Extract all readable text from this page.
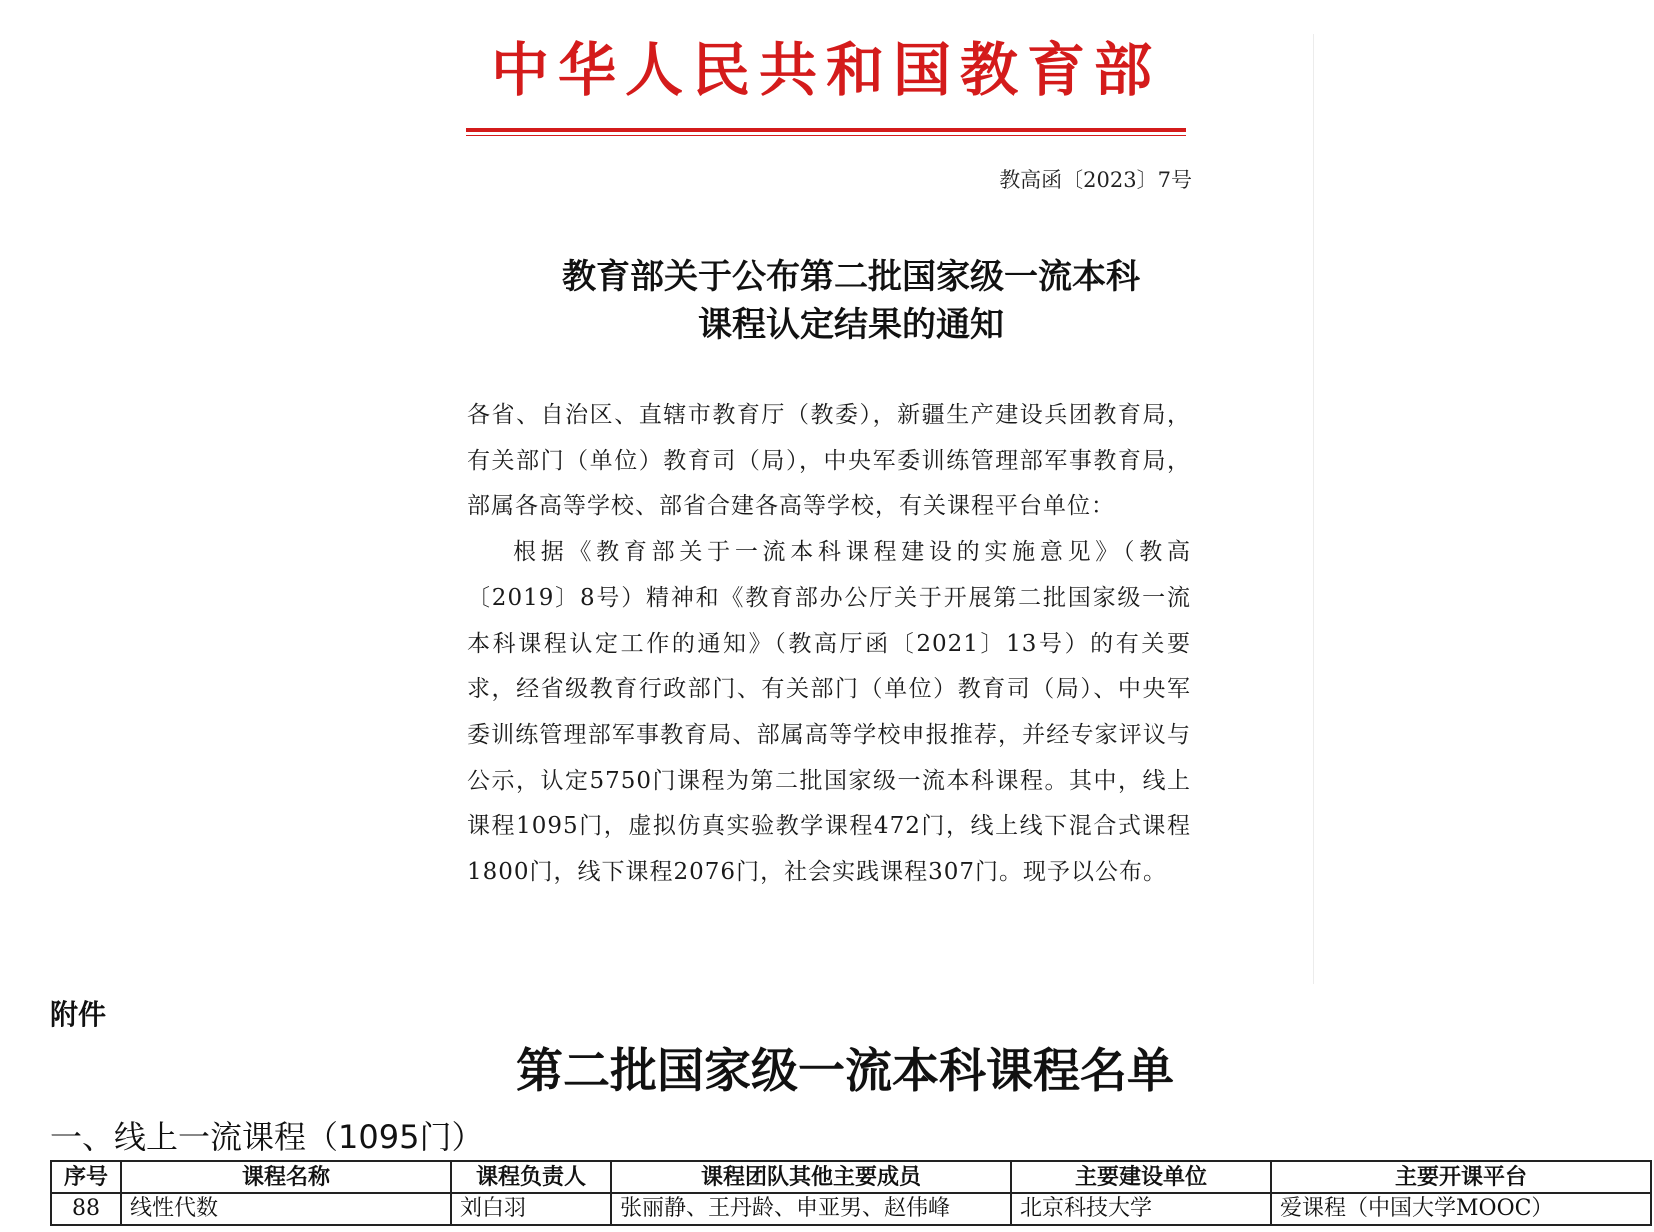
中华人民共和国教育部
教高函〔2023〕7号
教育部关于公布第二批国家级一流本科
课程认定结果的通知

各省、自治区、直辖市教育厅（教委），新疆生产建设兵团教育局，有关部门（单位）教育司（局），中央军委训练管理部军事教育局，部属各高等学校、部省合建各高等学校，有关课程平台单位：

根据《教育部关于一流本科课程建设的实施意见》（教高〔2019〕8号）精神和《教育部办公厅关于开展第二批国家级一流本科课程认定工作的通知》（教高厅函〔2021〕13号）的有关要求，经省级教育行政部门、有关部门（单位）教育司（局）、中央军委训练管理部军事教育局、部属高等学校申报推荐，并经专家评议与公示，认定5750门课程为第二批国家级一流本科课程。其中，线上课程1095门，虚拟仿真实验教学课程472门，线上线下混合式课程1800门，线下课程2076门，社会实践课程307门。现予以公布。

附件
第二批国家级一流本科课程名单
一、线上一流课程（1095门）
序号	课程名称	课程负责人	课程团队其他主要成员	主要建设单位	主要开课平台
88	线性代数	刘白羽	张丽静、王丹龄、申亚男、赵伟峰	北京科技大学	爱课程（中国大学MOOC）
